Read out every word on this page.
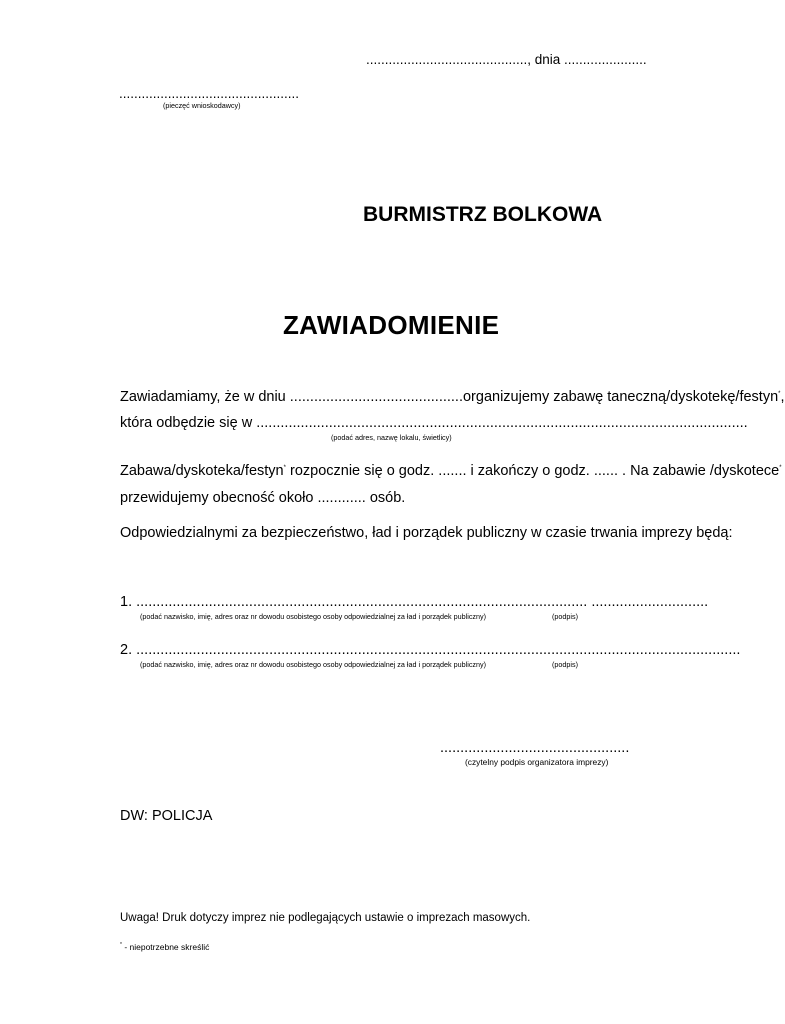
..........................................., dnia ......................
................................................
(pieczęć wnioskodawcy)
BURMISTRZ BOLKOWA
ZAWIADOMIENIE
Zawiadamiamy, że w dniu ...........................................organizujemy zabawę taneczną/dyskotekę/festyn*,
która odbędzie się w ..........................................................................................................................
(podać adres, nazwę lokalu, świetlicy)
Zabawa/dyskoteka/festyn* rozpocznie się o godz. ....... i zakończy o godz. ...... . Na zabawie /dyskotece*
przewidujemy obecność około ............ osób.
Odpowiedzialnymi za bezpieczeństwo, ład i porządek publiczny w czasie trwania imprezy będą:
1. ................................................................................................................ .............................
(podać nazwisko, imię, adres oraz nr dowodu osobistego osoby odpowiedzialnej za ład i porządek publiczny)	(podpis)
2. ......................................................................................................................................................
(podać nazwisko, imię, adres oraz nr dowodu osobistego osoby odpowiedzialnej za ład i porządek publiczny)	(podpis)
...............................................
(czytelny podpis organizatora imprezy)
DW: POLICJA
Uwaga! Druk dotyczy imprez nie podlegających ustawie o imprezach masowych.
* - niepotrzebne skreślić
